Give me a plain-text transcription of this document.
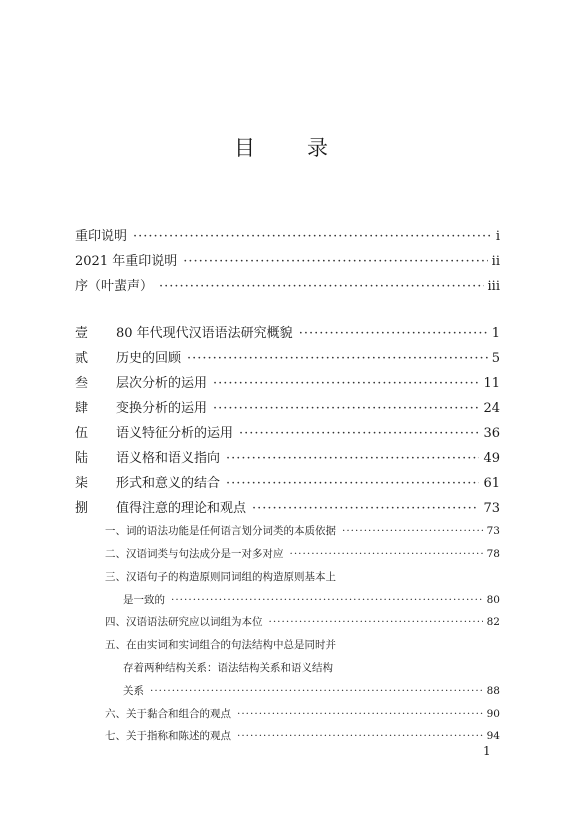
目 录
重印说明 ·····	i
2021 年重印说明 ·····	ii
序（叶蜚声） ·····	iii
壹 80 年代现代汉语语法研究概貌 ·····	1
贰 历史的回顾 ·····	5
叁 层次分析的运用 ·····	11
肆 变换分析的运用 ·····	24
伍 语义特征分析的运用 ·····	36
陆 语义格和语义指向 ·····	49
柒 形式和意义的结合 ·····	61
捌 值得注意的理论和观点 ·····	73
一、词的语法功能是任何语言划分词类的本质依据 ·····	73
二、汉语词类与句法成分是一对多对应 ·····	78
三、汉语句子的构造原则同词组的构造原则基本上
是一致的 ·····	80
四、汉语语法研究应以词组为本位 ·····	82
五、在由实词和实词组合的句法结构中总是同时并
存着两种结构关系：语法结构关系和语义结构
关系 ·····	88
六、关于黏合和组合的观点 ·····	90
七、关于指称和陈述的观点 ·····	94
1
